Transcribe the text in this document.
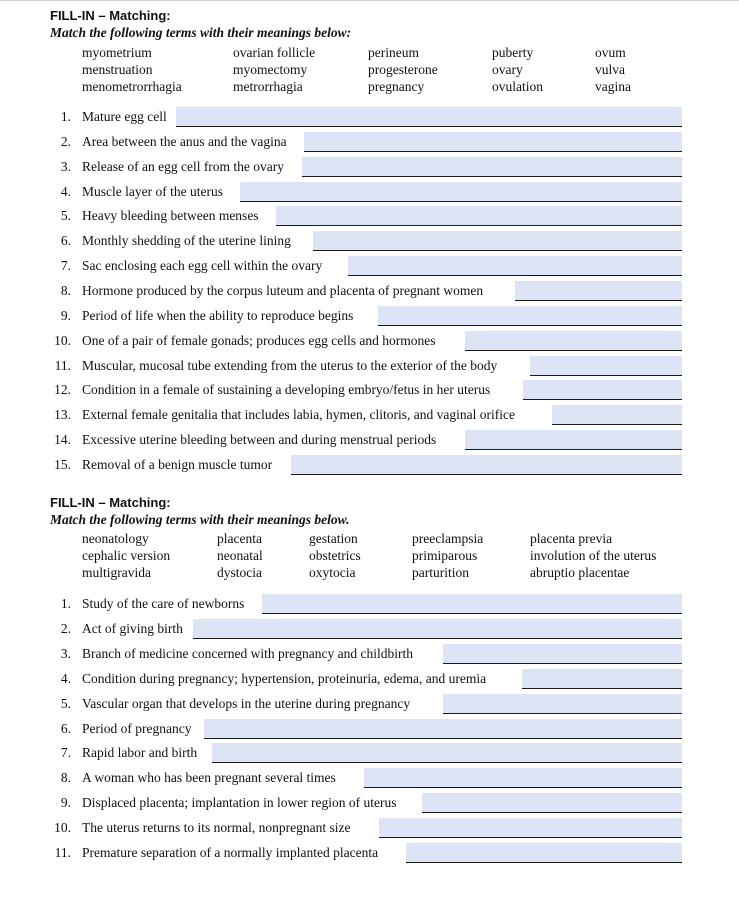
FILL-IN – Matching:
Match the following terms with their meanings below:
myometrium
menstruation
menometrorrhagia
ovarian follicle
myomectomy
metrorrhagia
perineum
progesterone
pregnancy
puberty
ovary
ovulation
ovum
vulva
vagina
1. Mature egg cell
2. Area between the anus and the vagina
3. Release of an egg cell from the ovary
4. Muscle layer of the uterus
5. Heavy bleeding between menses
6. Monthly shedding of the uterine lining
7. Sac enclosing each egg cell within the ovary
8. Hormone produced by the corpus luteum and placenta of pregnant women
9. Period of life when the ability to reproduce begins
10. One of a pair of female gonads; produces egg cells and hormones
11. Muscular, mucosal tube extending from the uterus to the exterior of the body
12. Condition in a female of sustaining a developing embryo/fetus in her uterus
13. External female genitalia that includes labia, hymen, clitoris, and vaginal orifice
14. Excessive uterine bleeding between and during menstrual periods
15. Removal of a benign muscle tumor
FILL-IN – Matching:
Match the following terms with their meanings below.
neonatology
cephalic version
multigravida
placenta
neonatal
dystocia
gestation
obstetrics
oxytocia
preeclampsia
primiparous
parturition
placenta previa
involution of the uterus
abruptio placentae
1. Study of the care of newborns
2. Act of giving birth
3. Branch of medicine concerned with pregnancy and childbirth
4. Condition during pregnancy; hypertension, proteinuria, edema, and uremia
5. Vascular organ that develops in the uterine during pregnancy
6. Period of pregnancy
7. Rapid labor and birth
8. A woman who has been pregnant several times
9. Displaced placenta; implantation in lower region of uterus
10. The uterus returns to its normal, nonpregnant size
11. Premature separation of a normally implanted placenta
